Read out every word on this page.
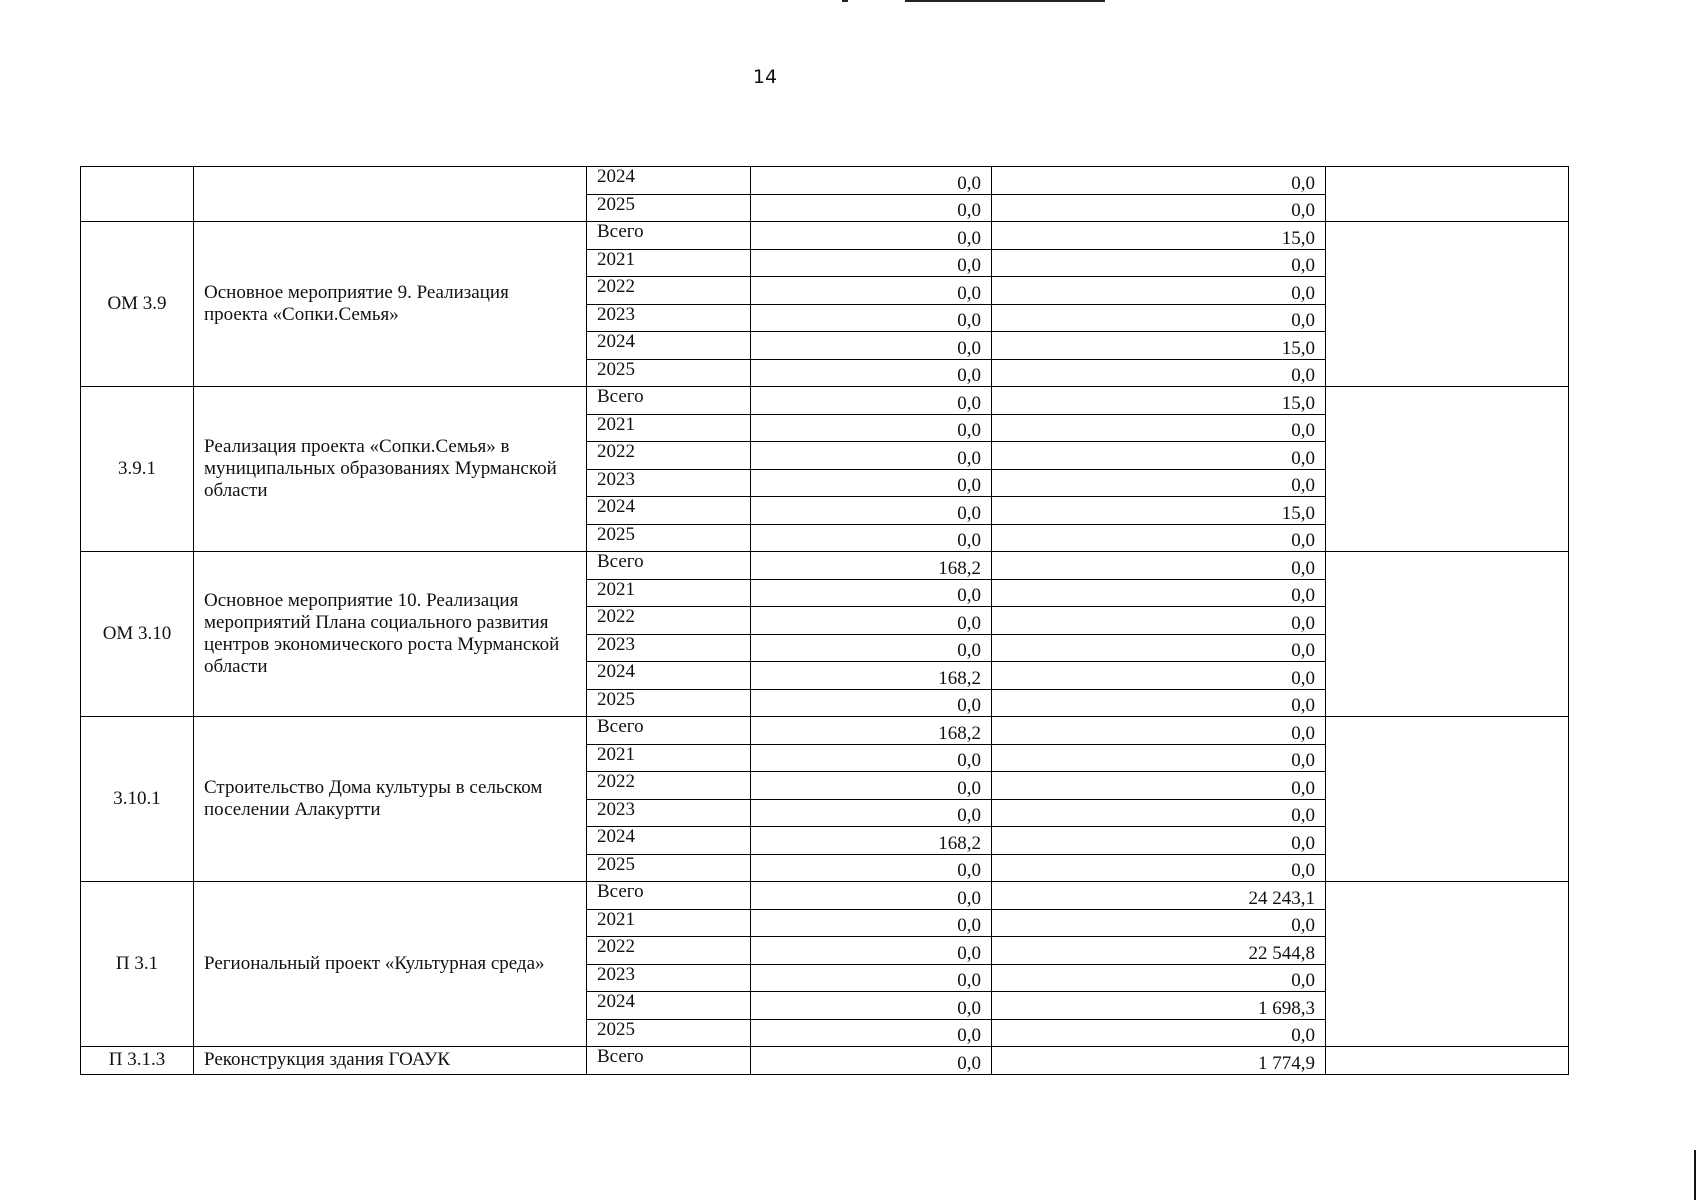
14
		2024	0,0	0,0	
		2025	0,0	0,0	
ОМ 3.9	Основное мероприятие 9. Реализация проекта «Сопки.Семья»	Всего	0,0	15,0	
		2021	0,0	0,0	
		2022	0,0	0,0	
		2023	0,0	0,0	
		2024	0,0	15,0	
		2025	0,0	0,0	
3.9.1	Реализация проекта «Сопки.Семья» в муниципальных образованиях Мурманской области	Всего	0,0	15,0	
		2021	0,0	0,0	
		2022	0,0	0,0	
		2023	0,0	0,0	
		2024	0,0	15,0	
		2025	0,0	0,0	
ОМ 3.10	Основное мероприятие 10. Реализация мероприятий Плана социального развития центров экономического роста Мурманской области	Всего	168,2	0,0	
		2021	0,0	0,0	
		2022	0,0	0,0	
		2023	0,0	0,0	
		2024	168,2	0,0	
		2025	0,0	0,0	
3.10.1	Строительство Дома культуры в сельском поселении Алакуртти	Всего	168,2	0,0	
		2021	0,0	0,0	
		2022	0,0	0,0	
		2023	0,0	0,0	
		2024	168,2	0,0	
		2025	0,0	0,0	
П 3.1	Региональный проект «Культурная среда»	Всего	0,0	24 243,1	
		2021	0,0	0,0	
		2022	0,0	22 544,8	
		2023	0,0	0,0	
		2024	0,0	1 698,3	
		2025	0,0	0,0	
П 3.1.3	Реконструкция здания ГОАУК	Всего	0,0	1 774,9	
